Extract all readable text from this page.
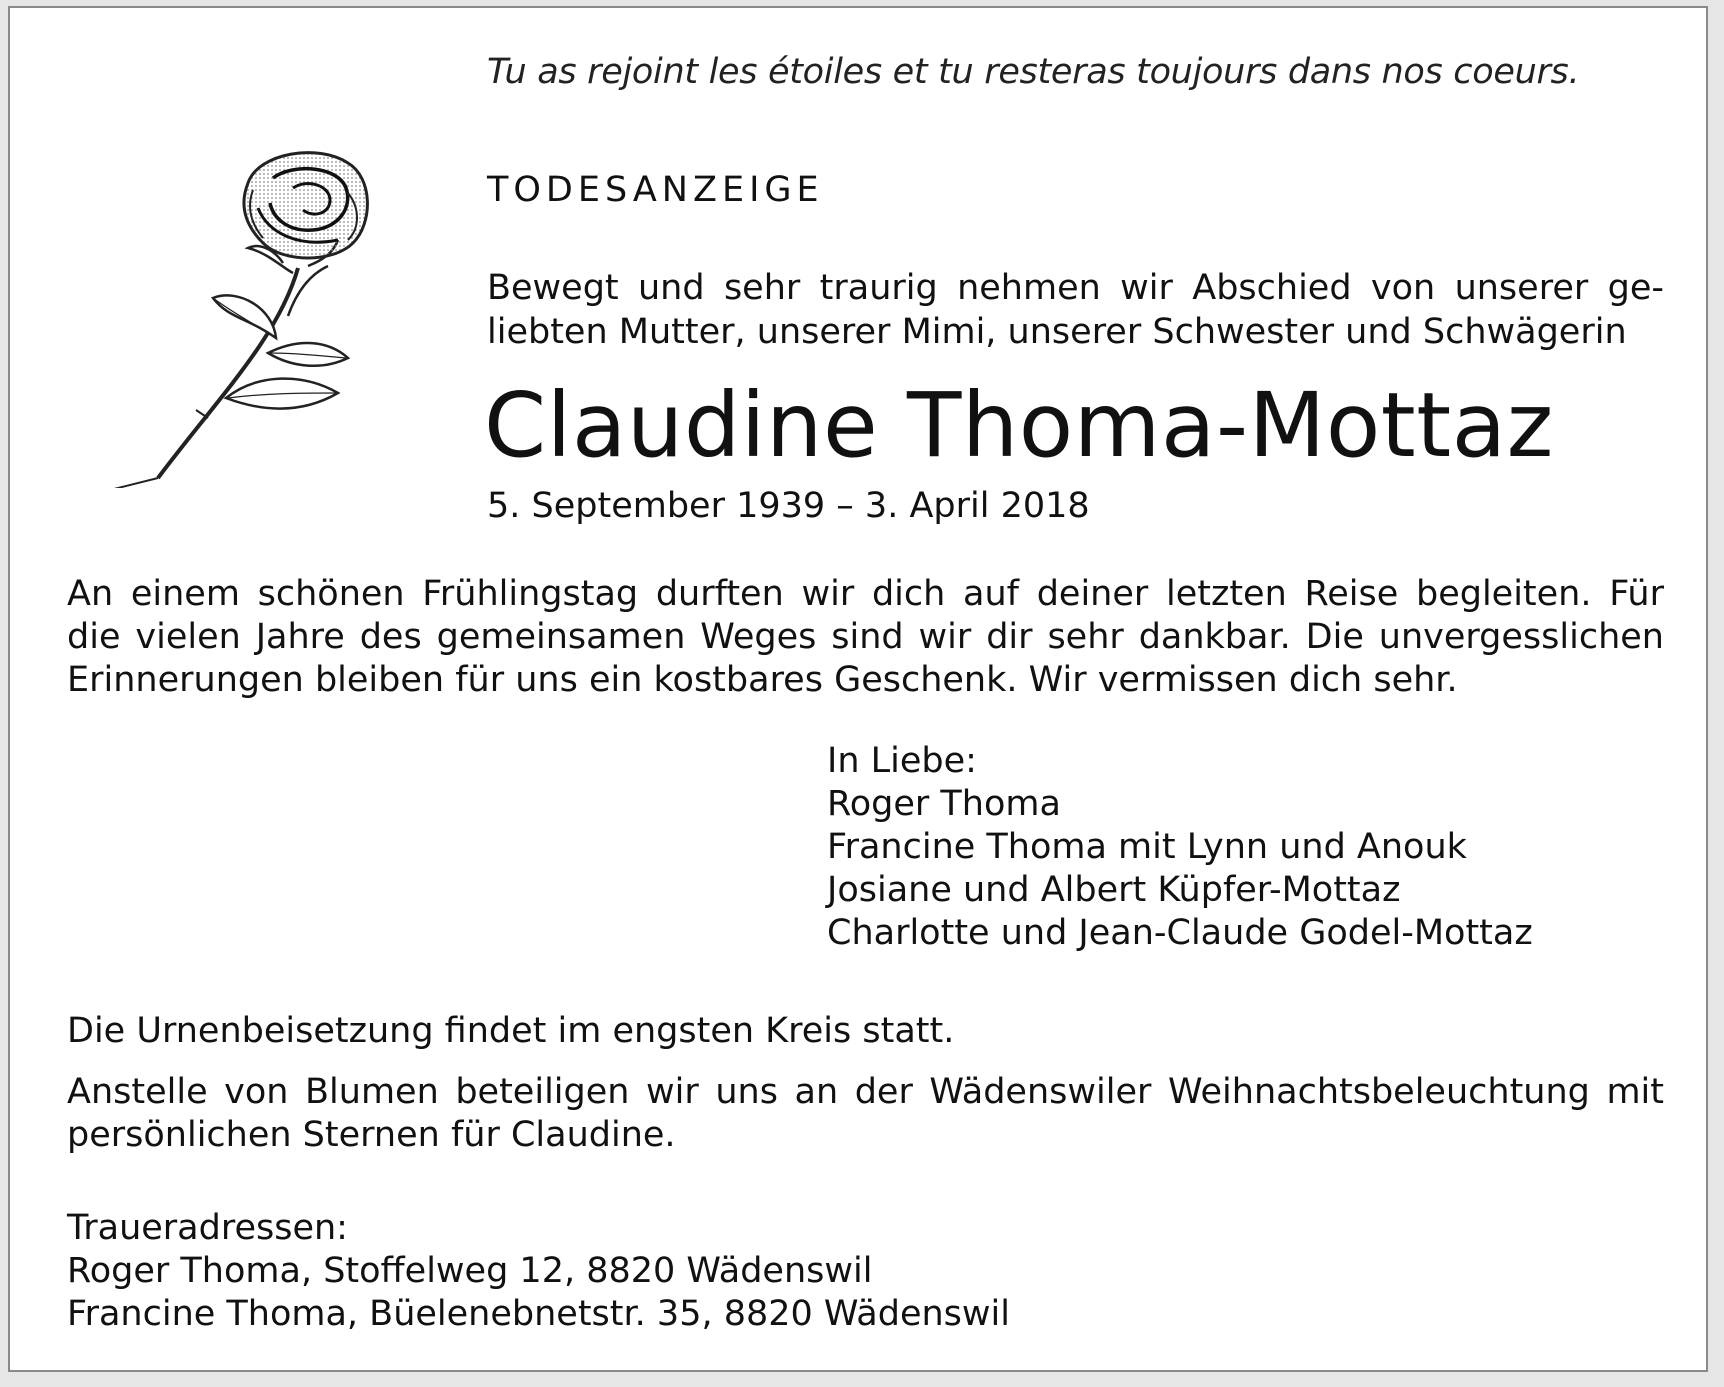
Tu as rejoint les étoiles et tu resteras toujours dans nos coeurs.

TODESANZEIGE

Bewegt und sehr traurig nehmen wir Abschied von unserer ge-
liebten Mutter, unserer Mimi, unserer Schwester und Schwägerin

Claudine Thoma-Mottaz

5. September 1939 – 3. April 2018

An einem schönen Frühlingstag durften wir dich auf deiner letzten Reise begleiten. Für
die vielen Jahre des gemeinsamen Weges sind wir dir sehr dankbar. Die unvergesslichen
Erinnerungen bleiben für uns ein kostbares Geschenk. Wir vermissen dich sehr.
In Liebe:
Roger Thoma
Francine Thoma mit Lynn und Anouk
Josiane und Albert Küpfer-Mottaz
Charlotte und Jean-Claude Godel-Mottaz

Die Urnenbeisetzung findet im engsten Kreis statt.

Anstelle von Blumen beteiligen wir uns an der Wädenswiler Weihnachtsbeleuchtung mit
persönlichen Sternen für Claudine.
Traueradressen:
Roger Thoma, Stoffelweg 12, 8820 Wädenswil
Francine Thoma, Büelenebnetstr. 35, 8820 Wädenswil
